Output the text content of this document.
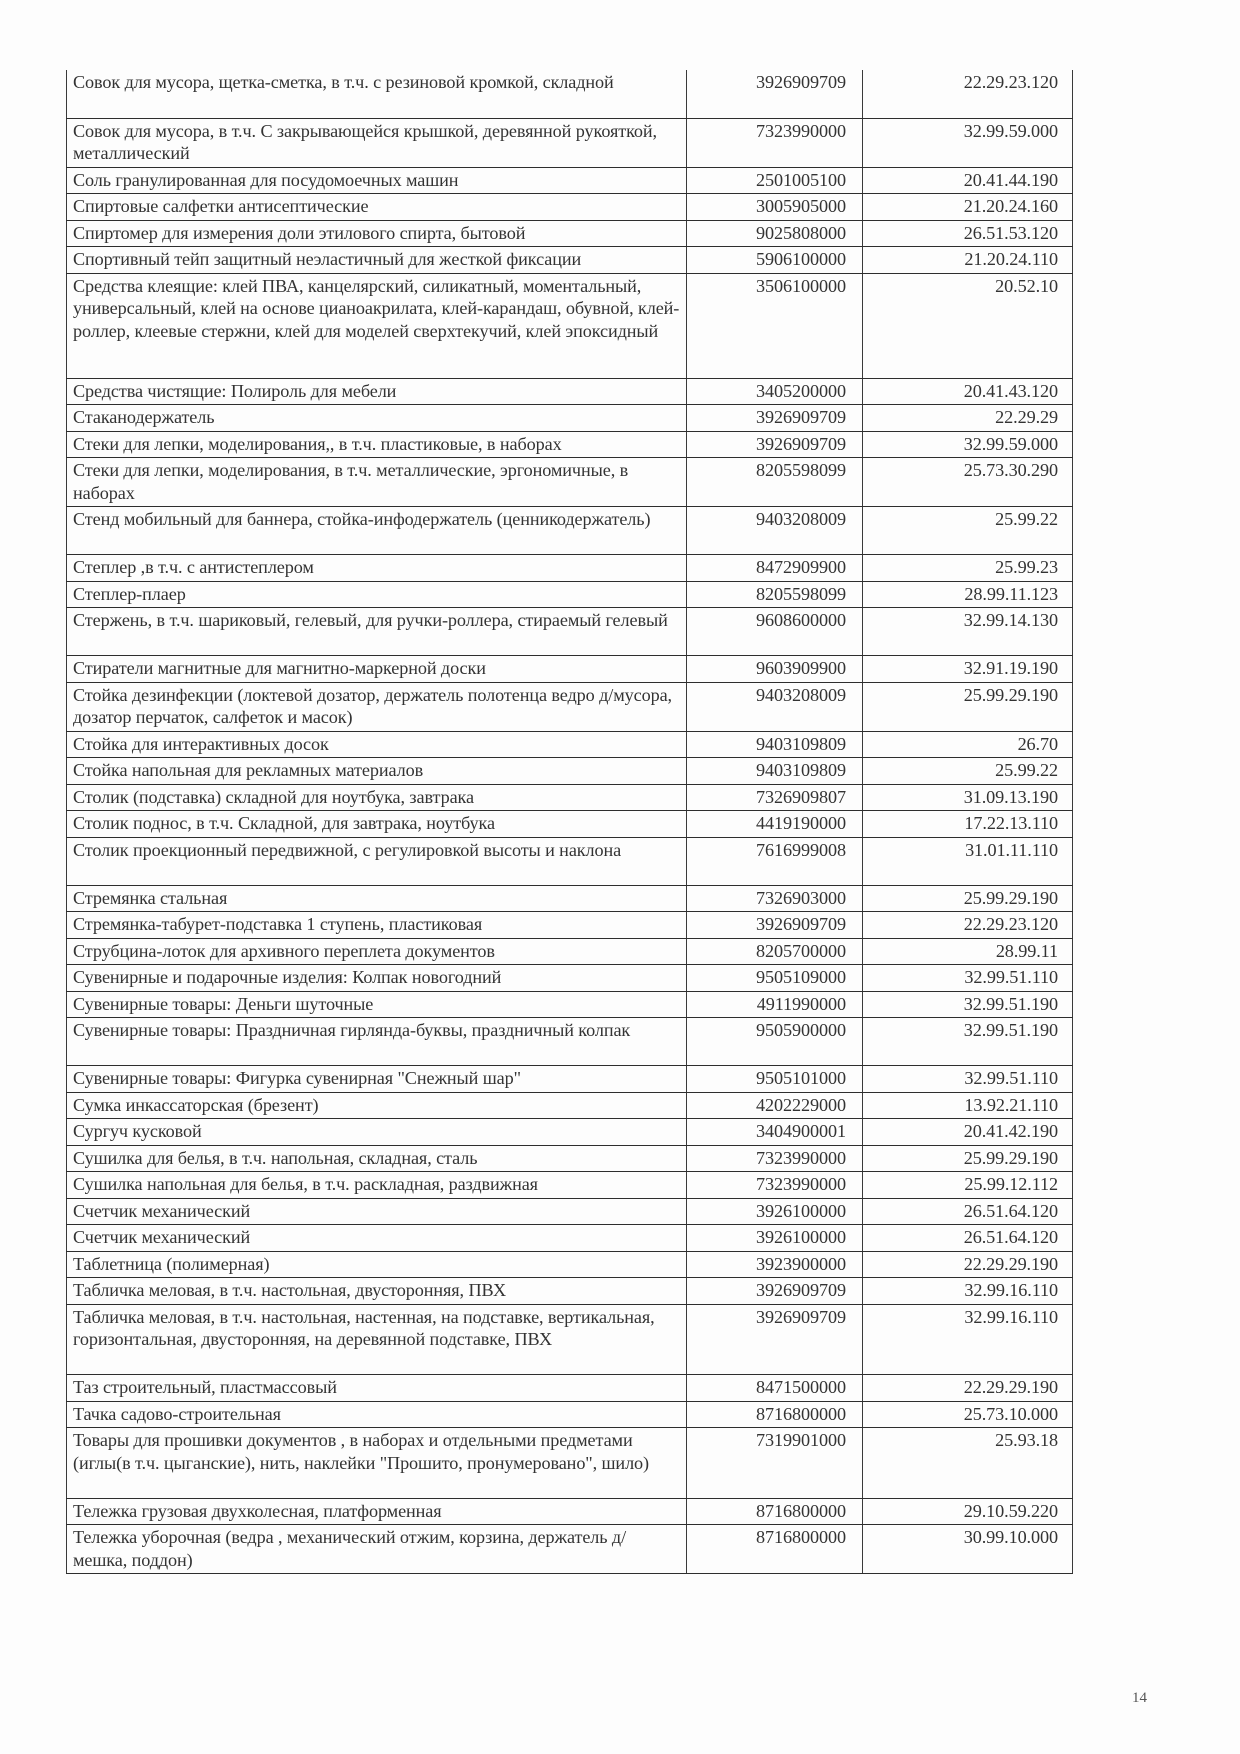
Совок для мусора, щетка-сметка, в т.ч. с резиновой кромкой, складной	3926909709	22.29.23.120
Совок для мусора, в т.ч. С закрывающейся крышкой, деревянной рукояткой, металлический	7323990000	32.99.59.000
Соль гранулированная для посудомоечных машин	2501005100	20.41.44.190
Спиртовые салфетки антисептические	3005905000	21.20.24.160
Спиртомер для измерения доли этилового спирта, бытовой	9025808000	26.51.53.120
Спортивный тейп защитный неэластичный для жесткой фиксации	5906100000	21.20.24.110
Средства клеящие: клей ПВА, канцелярский, силикатный, моментальный, универсальный, клей на основе цианоакрилата, клей-карандаш, обувной, клей-роллер, клеевые стержни, клей для моделей сверхтекучий, клей эпоксидный	3506100000	20.52.10
Средства чистящие: Полироль для мебели	3405200000	20.41.43.120
Стаканодержатель	3926909709	22.29.29
Стеки для лепки, моделирования,, в т.ч. пластиковые, в наборах	3926909709	32.99.59.000
Стеки для лепки, моделирования, в т.ч. металлические, эргономичные, в наборах	8205598099	25.73.30.290
Стенд мобильный для баннера, стойка-инфодержатель (ценникодержатель)	9403208009	25.99.22
Степлер ,в т.ч. с антистеплером	8472909900	25.99.23
Степлер-плаер	8205598099	28.99.11.123
Стержень, в т.ч. шариковый, гелевый, для ручки-роллера, стираемый гелевый	9608600000	32.99.14.130
Стиратели магнитные для магнитно-маркерной доски	9603909900	32.91.19.190
Стойка дезинфекции (локтевой дозатор, держатель полотенца ведро д/мусора, дозатор перчаток, салфеток и масок)	9403208009	25.99.29.190
Стойка для интерактивных досок	9403109809	26.70
Стойка напольная для рекламных материалов	9403109809	25.99.22
Столик (подставка) складной для ноутбука, завтрака	7326909807	31.09.13.190
Столик поднос, в т.ч. Складной, для завтрака, ноутбука	4419190000	17.22.13.110
Столик проекционный передвижной, с регулировкой высоты и наклона	7616999008	31.01.11.110
Стремянка стальная	7326903000	25.99.29.190
Стремянка-табурет-подставка 1 ступень, пластиковая	3926909709	22.29.23.120
Струбцина-лоток для архивного переплета документов	8205700000	28.99.11
Сувенирные и подарочные изделия: Колпак новогодний	9505109000	32.99.51.110
Сувенирные товары: Деньги шуточные	4911990000	32.99.51.190
Сувенирные товары: Праздничная гирлянда-буквы, праздничный колпак	9505900000	32.99.51.190
Сувенирные товары: Фигурка сувенирная "Снежный шар"	9505101000	32.99.51.110
Сумка инкассаторская (брезент)	4202229000	13.92.21.110
Сургуч кусковой	3404900001	20.41.42.190
Сушилка для белья, в т.ч. напольная, складная, сталь	7323990000	25.99.29.190
Сушилка напольная для белья, в т.ч. раскладная, раздвижная	7323990000	25.99.12.112
Счетчик механический	3926100000	26.51.64.120
Счетчик механический	3926100000	26.51.64.120
Таблетница (полимерная)	3923900000	22.29.29.190
Табличка меловая, в т.ч. настольная, двусторонняя, ПВХ	3926909709	32.99.16.110
Табличка меловая, в т.ч. настольная, настенная, на подставке, вертикальная, горизонтальная, двусторонняя, на деревянной подставке, ПВХ	3926909709	32.99.16.110
Таз строительный, пластмассовый	8471500000	22.29.29.190
Тачка садово-строительная	8716800000	25.73.10.000
Товары для прошивки документов , в наборах и отдельными предметами (иглы(в т.ч. цыганские), нить, наклейки "Прошито, пронумеровано", шило)	7319901000	25.93.18
Тележка грузовая двухколесная, платформенная	8716800000	29.10.59.220
Тележка уборочная (ведра , механический отжим, корзина, держатель д/мешка, поддон)	8716800000	30.99.10.000
14
